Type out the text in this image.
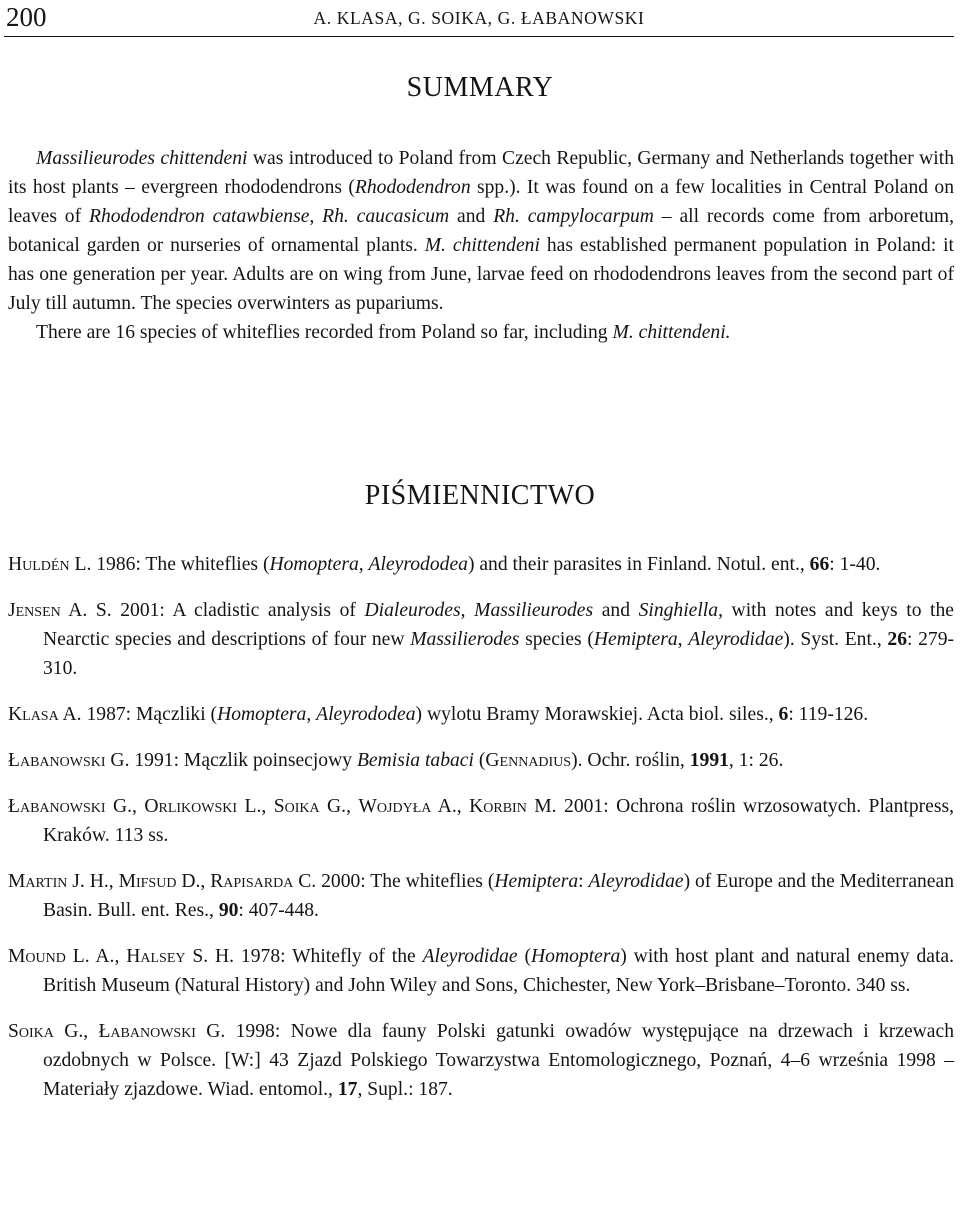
200	A. KLASA, G. SOIKA, G. ŁABANOWSKI
SUMMARY

Massilieurodes chittendeni was introduced to Poland from Czech Republic, Germany and Netherlands together with its host plants – evergreen rhododendrons (Rhododendron spp.). It was found on a few localities in Central Poland on leaves of Rhododendron catawbiense, Rh. caucasicum and Rh. campylocarpum – all records come from arboretum, botanical garden or nurseries of ornamental plants. M. chittendeni has established permanent population in Poland: it has one generation per year. Adults are on wing from June, larvae feed on rhododendrons leaves from the second part of July till autumn. The species overwinters as pupariums.

There are 16 species of whiteflies recorded from Poland so far, including M. chittendeni.

PIŚMIENNICTWO

Huldén L. 1986: The whiteflies (Homoptera, Aleyrododea) and their parasites in Finland. Notul. ent., 66: 1-40.

Jensen A. S. 2001: A cladistic analysis of Dialeurodes, Massilieurodes and Singhiella, with notes and keys to the Nearctic species and descriptions of four new Massilierodes species (Hemiptera, Aleyrodidae). Syst. Ent., 26: 279-310.

Klasa A. 1987: Mączliki (Homoptera, Aleyrododea) wylotu Bramy Morawskiej. Acta biol. siles., 6: 119-126.

Łabanowski G. 1991: Mączlik poinsecjowy Bemisia tabaci (Gennadius). Ochr. roślin, 1991, 1: 26.

Łabanowski G., Orlikowski L., Soika G., Wojdyła A., Korbin M. 2001: Ochrona roślin wrzosowatych. Plantpress, Kraków. 113 ss.

Martin J. H., Mifsud D., Rapisarda C. 2000: The whiteflies (Hemiptera: Aleyrodidae) of Europe and the Mediterranean Basin. Bull. ent. Res., 90: 407-448.

Mound L. A., Halsey S. H. 1978: Whitefly of the Aleyrodidae (Homoptera) with host plant and natural enemy data. British Museum (Natural History) and John Wiley and Sons, Chichester, New York–Brisbane–Toronto. 340 ss.

Soika G., Łabanowski G. 1998: Nowe dla fauny Polski gatunki owadów występujące na drzewach i krzewach ozdobnych w Polsce. [W:] 43 Zjazd Polskiego Towarzystwa Entomologicznego, Poznań, 4–6 września 1998 – Materiały zjazdowe. Wiad. entomol., 17, Supl.: 187.
